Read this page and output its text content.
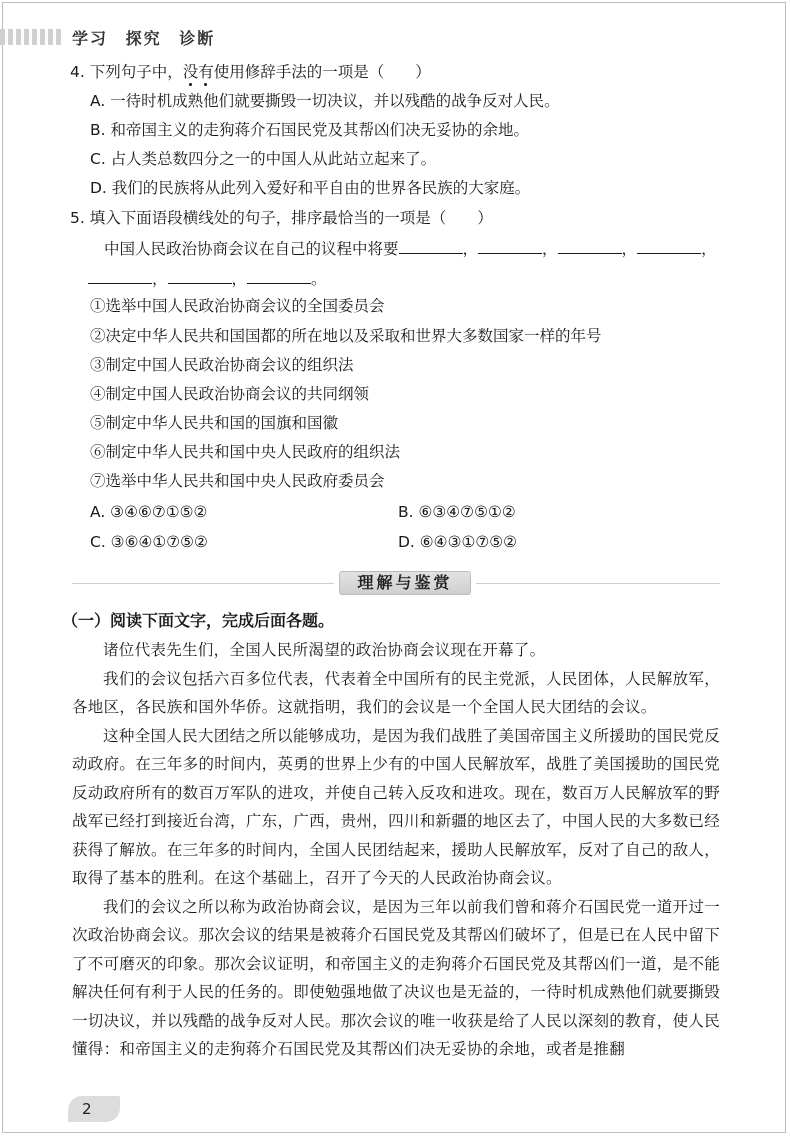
学习 探究 诊断
4. 下列句子中，没有使用修辞手法的一项是（　　）
A. 一待时机成熟他们就要撕毁一切决议，并以残酷的战争反对人民。
B. 和帝国主义的走狗蒋介石国民党及其帮凶们决无妥协的余地。
C. 占人类总数四分之一的中国人从此站立起来了。
D. 我们的民族将从此列入爱好和平自由的世界各民族的大家庭。
5. 填入下面语段横线处的句子，排序最恰当的一项是（　　）
中国人民政治协商会议在自己的议程中将要	，	，	，	，
，	，	。
①选举中国人民政治协商会议的全国委员会
②决定中华人民共和国国都的所在地以及采取和世界大多数国家一样的年号
③制定中国人民政治协商会议的组织法
④制定中国人民政治协商会议的共同纲领
⑤制定中华人民共和国的国旗和国徽
⑥制定中华人民共和国中央人民政府的组织法
⑦选举中华人民共和国中央人民政府委员会
A. ③④⑥⑦①⑤②	B. ⑥③④⑦⑤①②
C. ③⑥④①⑦⑤②	D. ⑥④③①⑦⑤②
理解与鉴赏
（一）阅读下面文字，完成后面各题。

诸位代表先生们，全国人民所渴望的政治协商会议现在开幕了。

我们的会议包括六百多位代表，代表着全中国所有的民主党派，人民团体，人民解放军，各地区，各民族和国外华侨。这就指明，我们的会议是一个全国人民大团结的会议。

这种全国人民大团结之所以能够成功，是因为我们战胜了美国帝国主义所援助的国民党反动政府。在三年多的时间内，英勇的世界上少有的中国人民解放军，战胜了美国援助的国民党反动政府所有的数百万军队的进攻，并使自己转入反攻和进攻。现在，数百万人民解放军的野战军已经打到接近台湾，广东，广西，贵州，四川和新疆的地区去了，中国人民的大多数已经获得了解放。在三年多的时间内，全国人民团结起来，援助人民解放军，反对了自己的敌人，取得了基本的胜利。在这个基础上，召开了今天的人民政治协商会议。

我们的会议之所以称为政治协商会议，是因为三年以前我们曾和蒋介石国民党一道开过一次政治协商会议。那次会议的结果是被蒋介石国民党及其帮凶们破坏了，但是已在人民中留下了不可磨灭的印象。那次会议证明，和帝国主义的走狗蒋介石国民党及其帮凶们一道，是不能解决任何有利于人民的任务的。即使勉强地做了决议也是无益的，一待时机成熟他们就要撕毁一切决议，并以残酷的战争反对人民。那次会议的唯一收获是给了人民以深刻的教育，使人民懂得：和帝国主义的走狗蒋介石国民党及其帮凶们决无妥协的余地，或者是推翻

2
